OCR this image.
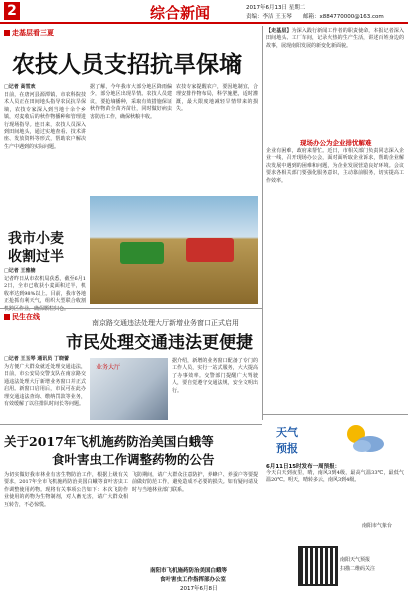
2	综合新闻	2017年6月13日 星期二
责编：李洁 王玉琴 邮箱：x884770000@163.com
走基层看三夏
农技人员支招抗旱保墒
□记者 高雪欢
日前，在唐河县源潭镇，市农科院技术人员正在田间地头指导农民抗旱保墒，农技专家深入到当地十余个乡镇，对麦收后的秋作物播种和管理进行现场指导。连日来，农技人员深入到田间地头，通过实地查看、技术讲座、发放资料等形式，帮助农户解决生产中遇到的实际问题。
据了解，今年我市大部分地区降雨偏少，部分地区出现旱情。农技人员建议，要抢墒播种，采取有效措施保证秋作物苗全苗齐苗壮，同时做好病虫害防治工作，确保秋粮丰收。
农技专家提醒农户，要因地制宜，合理安排作物布局，科学施肥，适时灌溉，最大限度地减轻旱情带来的损失。
我市小麦
收割过半
□记者 王雅楠
记者昨日从市农机局获悉，截至6月12日，全市已收获小麦面积过半，机收率达到98%以上。目前，我市各地正抢抓有利天气，组织大型联合收割
【走基层】为深入践行新闻工作者的职责使命，本报记者深入田间地头、工厂车间，记录火热的生产生活，讲述百姓身边的故事，展现南阳发展的新变化新面貌。
现场办公为企业排忧解难
企业有困难，政府来帮忙。近日，市相关部门负责同志深入企业一线，召开现场办公会，面对面听取企业诉求，帮助企业解决发展中遇到的困难和问题，为企业发展营造良好环境。会议要求各相关部门要强化服务意识，主动靠前服务，切实提高工作效率。
民生在线
南京路交通违法处理大厅新增业务窗口正式启用
市民处理交通违法更便捷
□记者 王玉琴 通讯员 丁晓蕾
为方便广大群众就近处理交通违法，日前，市公安局交警支队在南京路交通违法处理大厅新增业务窗口并正式启用。新窗口启用后，市民可在此办理交通违法查询、缴纳罚款等业务，有效缓解了以往排队时间长等问题。
业务大厅
据介绍，新增的业务窗口配备了专门的工作人员，实行一站式服务，大大提高了办事效率。交警部门提醒广大驾驶人，要自觉遵守交通法规，安全文明出行。
天气
预报
6月11日15时发布一周预报：
今天白天到夜里，晴，南风3到4级，最高气温33℃，最低气温20℃。明天，晴转多云，南风3到4级。
南阳市气象台
南阳天气预报
扫描二维码关注
关于2017年飞机施药防治美国白蛾等
食叶害虫工作调整药物的公告
为切实做好我市林业有害生物防治工作，根据上级有关要求，2017年全市飞机施药防治美国白蛾等食叶害虫工作调整使用药物。现将有关事项公告如下：本次飞防作业使用的药物为生物制剂，对人畜无害，请广大群众相互转告，不必惊慌。
飞防期间，请广大群众注意防护，养蜂户、养蚕户等要提前做好防范工作，避免造成不必要的损失。如有疑问请及时与当地林业部门联系。
南阳市飞机施药防治美国白蛾等
食叶害虫工作指挥部办公室
2017年6月8日
